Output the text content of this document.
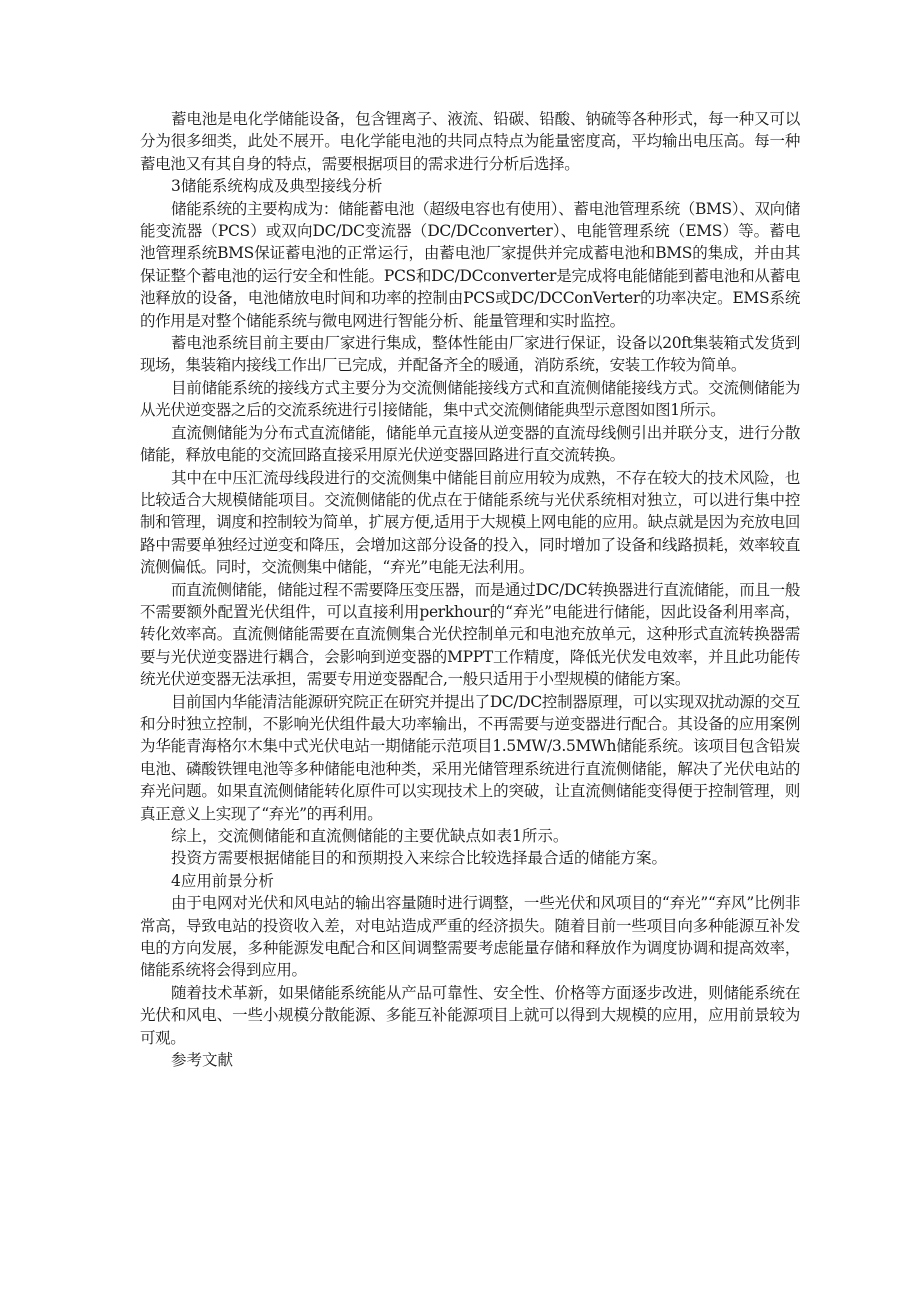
蓄电池是电化学储能设备，包含锂离子、液流、铅碳、铅酸、钠硫等各种形式，每一种又可以分为很多细类，此处不展开。电化学能电池的共同点特点为能量密度高，平均输出电压高。每一种蓄电池又有其自身的特点，需要根据项目的需求进行分析后选择。

3储能系统构成及典型接线分析

储能系统的主要构成为：储能蓄电池（超级电容也有使用）、蓄电池管理系统（BMS）、双向储能变流器（PCS）或双向DC/DC变流器（DC/DCconverter）、电能管理系统（EMS）等。蓄电池管理系统BMS保证蓄电池的正常运行，由蓄电池厂家提供并完成蓄电池和BMS的集成，并由其保证整个蓄电池的运行安全和性能。PCS和DC/DCconverter是完成将电能储能到蓄电池和从蓄电池释放的设备，电池储放电时间和功率的控制由PCS或DC/DCConVerter的功率决定。EMS系统的作用是对整个储能系统与微电网进行智能分析、能量管理和实时监控。

蓄电池系统目前主要由厂家进行集成，整体性能由厂家进行保证，设备以20ft集装箱式发货到现场，集装箱内接线工作出厂已完成，并配备齐全的暖通，消防系统，安装工作较为简单。

目前储能系统的接线方式主要分为交流侧储能接线方式和直流侧储能接线方式。交流侧储能为从光伏逆变器之后的交流系统进行引接储能，集中式交流侧储能典型示意图如图1所示。

直流侧储能为分布式直流储能，储能单元直接从逆变器的直流母线侧引出并联分支，进行分散储能，释放电能的交流回路直接采用原光伏逆变器回路进行直交流转换。

其中在中压汇流母线段进行的交流侧集中储能目前应用较为成熟，不存在较大的技术风险，也比较适合大规模储能项目。交流侧储能的优点在于储能系统与光伏系统相对独立，可以进行集中控制和管理，调度和控制较为简单，扩展方便,适用于大规模上网电能的应用。缺点就是因为充放电回路中需要单独经过逆变和降压，会增加这部分设备的投入，同时增加了设备和线路损耗，效率较直流侧偏低。同时，交流侧集中储能，“弃光”电能无法利用。

而直流侧储能，储能过程不需要降压变压器，而是通过DC/DC转换器进行直流储能，而且一般不需要额外配置光伏组件，可以直接利用perkhour的“弃光”电能进行储能，因此设备利用率高，转化效率高。直流侧储能需要在直流侧集合光伏控制单元和电池充放单元，这种形式直流转换器需要与光伏逆变器进行耦合，会影响到逆变器的MPPT工作精度，降低光伏发电效率，并且此功能传统光伏逆变器无法承担，需要专用逆变器配合,一般只适用于小型规模的储能方案。

目前国内华能清洁能源研究院正在研究并提出了DC/DC控制器原理，可以实现双扰动源的交互和分时独立控制，不影响光伏组件最大功率输出，不再需要与逆变器进行配合。其设备的应用案例为华能青海格尔木集中式光伏电站一期储能示范项目1.5MW/3.5MWh储能系统。该项目包含铅炭电池、磷酸铁锂电池等多种储能电池种类，采用光储管理系统进行直流侧储能，解决了光伏电站的弃光问题。如果直流侧储能转化原件可以实现技术上的突破，让直流侧储能变得便于控制管理，则真正意义上实现了“弃光”的再利用。

综上，交流侧储能和直流侧储能的主要优缺点如表1所示。

投资方需要根据储能目的和预期投入来综合比较选择最合适的储能方案。

4应用前景分析

由于电网对光伏和风电站的输出容量随时进行调整，一些光伏和风项目的“弃光”“弃风”比例非常高，导致电站的投资收入差，对电站造成严重的经济损失。随着目前一些项目向多种能源互补发电的方向发展，多种能源发电配合和区间调整需要考虑能量存储和释放作为调度协调和提高效率，储能系统将会得到应用。

随着技术革新，如果储能系统能从产品可靠性、安全性、价格等方面逐步改进，则储能系统在光伏和风电、一些小规模分散能源、多能互补能源项目上就可以得到大规模的应用，应用前景较为可观。

参考文献
